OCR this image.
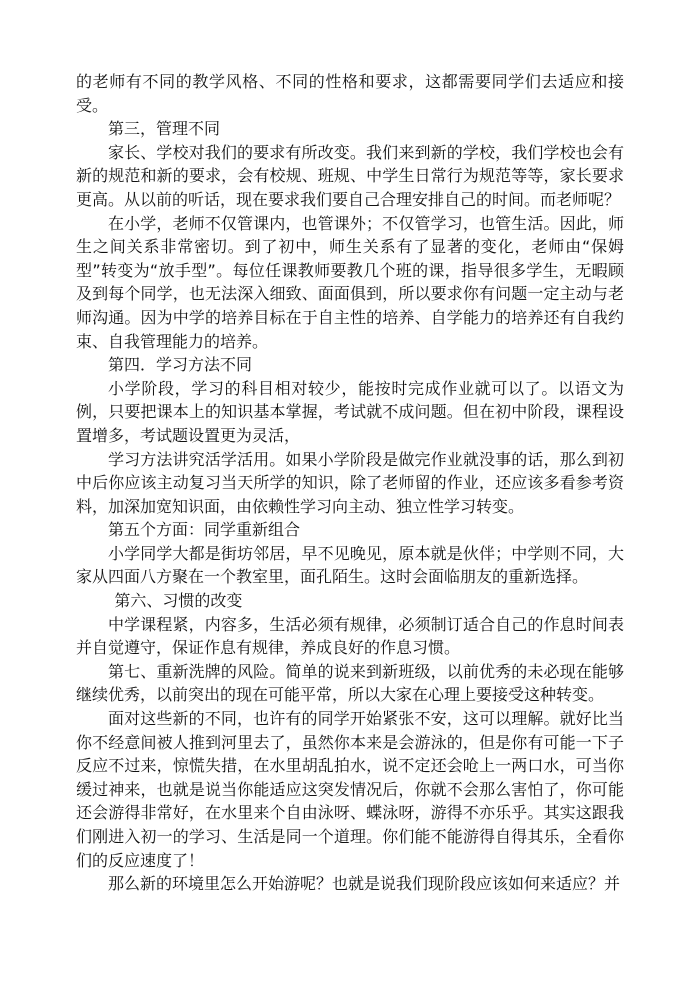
的老师有不同的教学风格、不同的性格和要求，这都需要同学们去适应和接受。

第三，管理不同

家长、学校对我们的要求有所改变。我们来到新的学校，我们学校也会有新的规范和新的要求，会有校规、班规、中学生日常行为规范等等，家长要求更高。从以前的听话，现在要求我们要自己合理安排自己的时间。而老师呢？

在小学，老师不仅管课内，也管课外；不仅管学习，也管生活。因此，师生之间关系非常密切。到了初中，师生关系有了显著的变化，老师由“保姆型”转变为“放手型”。每位任课教师要教几个班的课，指导很多学生，无暇顾及到每个同学，也无法深入细致、面面俱到，所以要求你有问题一定主动与老师沟通。因为中学的培养目标在于自主性的培养、自学能力的培养还有自我约束、自我管理能力的培养。

第四．学习方法不同

小学阶段，学习的科目相对较少，能按时完成作业就可以了。以语文为例，只要把课本上的知识基本掌握，考试就不成问题。但在初中阶段，课程设置增多，考试题设置更为灵活，

学习方法讲究活学活用。如果小学阶段是做完作业就没事的话，那么到初中后你应该主动复习当天所学的知识，除了老师留的作业，还应该多看参考资料，加深加宽知识面，由依赖性学习向主动、独立性学习转变。

第五个方面：同学重新组合

小学同学大都是街坊邻居，早不见晚见，原本就是伙伴；中学则不同，大家从四面八方聚在一个教室里，面孔陌生。这时会面临朋友的重新选择。

第六、习惯的改变

中学课程紧，内容多，生活必须有规律，必须制订适合自己的作息时间表并自觉遵守，保证作息有规律，养成良好的作息习惯。

第七、重新洗牌的风险。简单的说来到新班级，以前优秀的未必现在能够继续优秀，以前突出的现在可能平常，所以大家在心理上要接受这种转变。

面对这些新的不同，也许有的同学开始紧张不安，这可以理解。就好比当你不经意间被人推到河里去了，虽然你本来是会游泳的，但是你有可能一下子反应不过来，惊慌失措，在水里胡乱拍水，说不定还会呛上一两口水，可当你缓过神来，也就是说当你能适应这突发情况后，你就不会那么害怕了，你可能还会游得非常好，在水里来个自由泳呀、蝶泳呀，游得不亦乐乎。其实这跟我们刚进入初一的学习、生活是同一个道理。你们能不能游得自得其乐，全看你们的反应速度了！

那么新的环境里怎么开始游呢？也就是说我们现阶段应该如何来适应？并
